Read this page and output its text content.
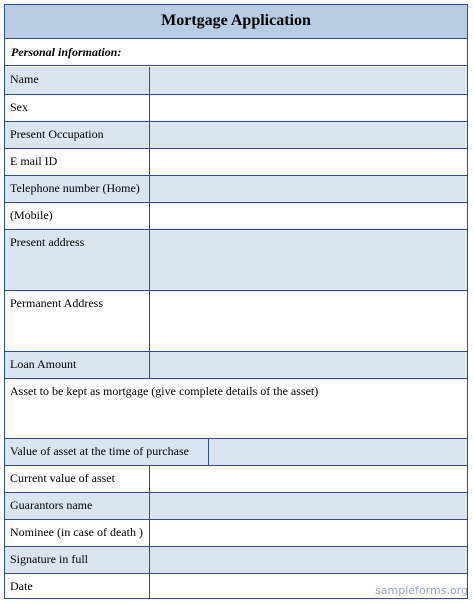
Mortgage Application
Personal information:
Name
Sex
Present Occupation
E mail ID
Telephone number (Home)
(Mobile)
Present address
Permanent Address
Loan Amount
Asset to be kept as mortgage (give complete details of the asset)
Value of asset at the time of purchase
Current value of asset
Guarantors name
Nominee (in case of death )
Signature in full
Date	sampleforms.org
